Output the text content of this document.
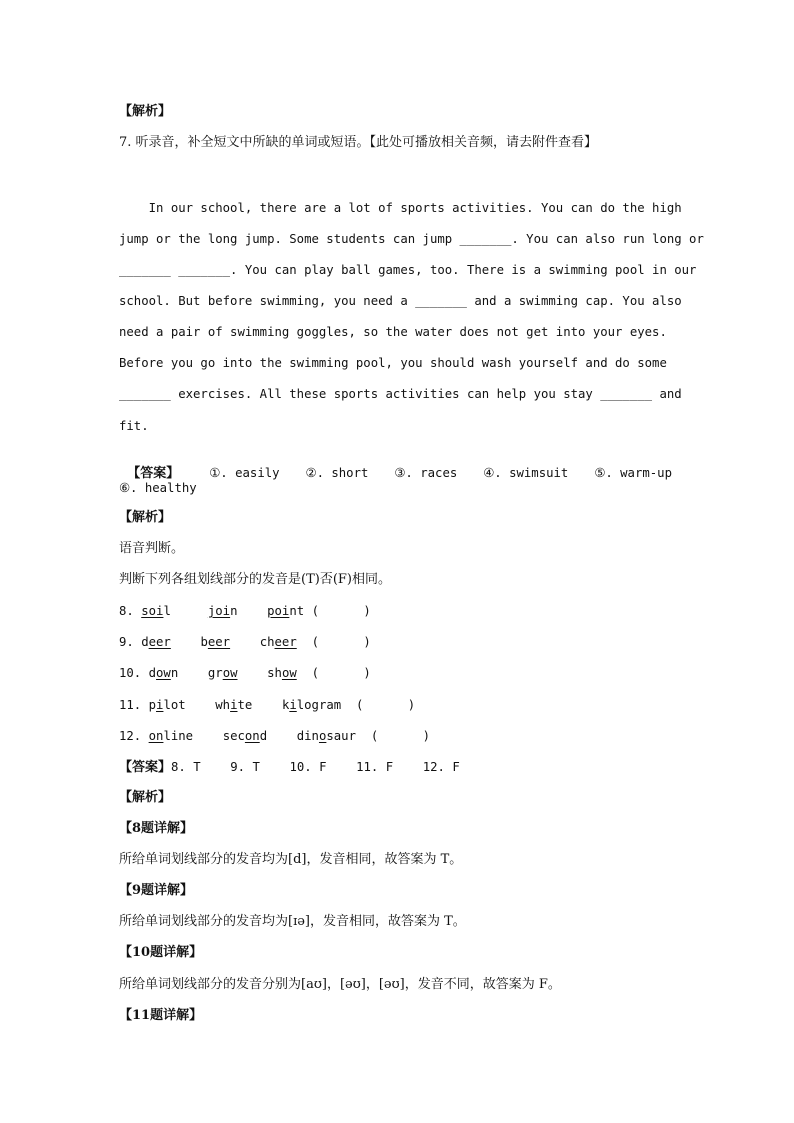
【解析】
7. 听录音，补全短文中所缺的单词或短语。【此处可播放相关音频，请去附件查看】
In our school, there are a lot of sports activities. You can do the high
jump or the long jump. Some students can jump _______. You can also run long or
_______ _______. You can play ball games, too. There is a swimming pool in our
school. But before swimming, you need a _______ and a swimming cap. You also
need a pair of swimming goggles, so the water does not get into your eyes.
Before you go into the swimming pool, you should wash yourself and do some
_______ exercises. All these sports activities can help you stay _______ and
fit.

【答案】 ①. easily ②. short ③. races ④. swimsuit ⑤. warm-up

⑥. healthy
【解析】
语音判断。
判断下列各组划线部分的发音是(T)否(F)相同。
8. soil	join point (      )
9. deer beer cheer (      )
10. down grow show (      )
11. pilot white kilogram (      )
12. online second dinosaur (      )
【答案】8. T    9. T    10. F    11. F    12. F
【解析】
【8题详解】
所给单词划线部分的发音均为[d]，发音相同，故答案为 T。
【9题详解】
所给单词划线部分的发音均为[ɪə]，发音相同，故答案为 T。
【10题详解】
所给单词划线部分的发音分别为[aʊ]，[əʊ]，[əʊ]，发音不同，故答案为 F。
【11题详解】
